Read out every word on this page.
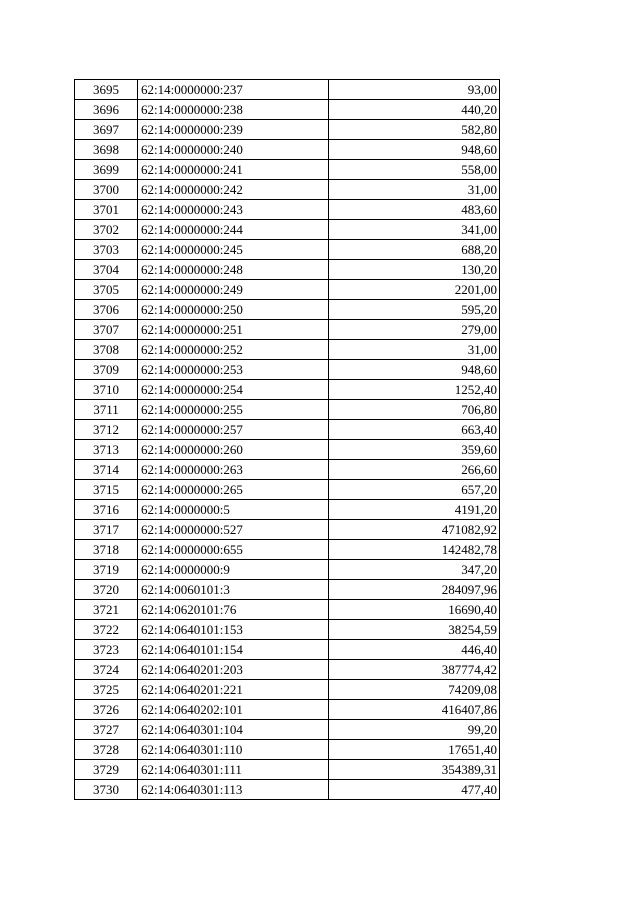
3695	62:14:0000000:237	93,00
3696	62:14:0000000:238	440,20
3697	62:14:0000000:239	582,80
3698	62:14:0000000:240	948,60
3699	62:14:0000000:241	558,00
3700	62:14:0000000:242	31,00
3701	62:14:0000000:243	483,60
3702	62:14:0000000:244	341,00
3703	62:14:0000000:245	688,20
3704	62:14:0000000:248	130,20
3705	62:14:0000000:249	2201,00
3706	62:14:0000000:250	595,20
3707	62:14:0000000:251	279,00
3708	62:14:0000000:252	31,00
3709	62:14:0000000:253	948,60
3710	62:14:0000000:254	1252,40
3711	62:14:0000000:255	706,80
3712	62:14:0000000:257	663,40
3713	62:14:0000000:260	359,60
3714	62:14:0000000:263	266,60
3715	62:14:0000000:265	657,20
3716	62:14:0000000:5	4191,20
3717	62:14:0000000:527	471082,92
3718	62:14:0000000:655	142482,78
3719	62:14:0000000:9	347,20
3720	62:14:0060101:3	284097,96
3721	62:14:0620101:76	16690,40
3722	62:14:0640101:153	38254,59
3723	62:14:0640101:154	446,40
3724	62:14:0640201:203	387774,42
3725	62:14:0640201:221	74209,08
3726	62:14:0640202:101	416407,86
3727	62:14:0640301:104	99,20
3728	62:14:0640301:110	17651,40
3729	62:14:0640301:111	354389,31
3730	62:14:0640301:113	477,40
